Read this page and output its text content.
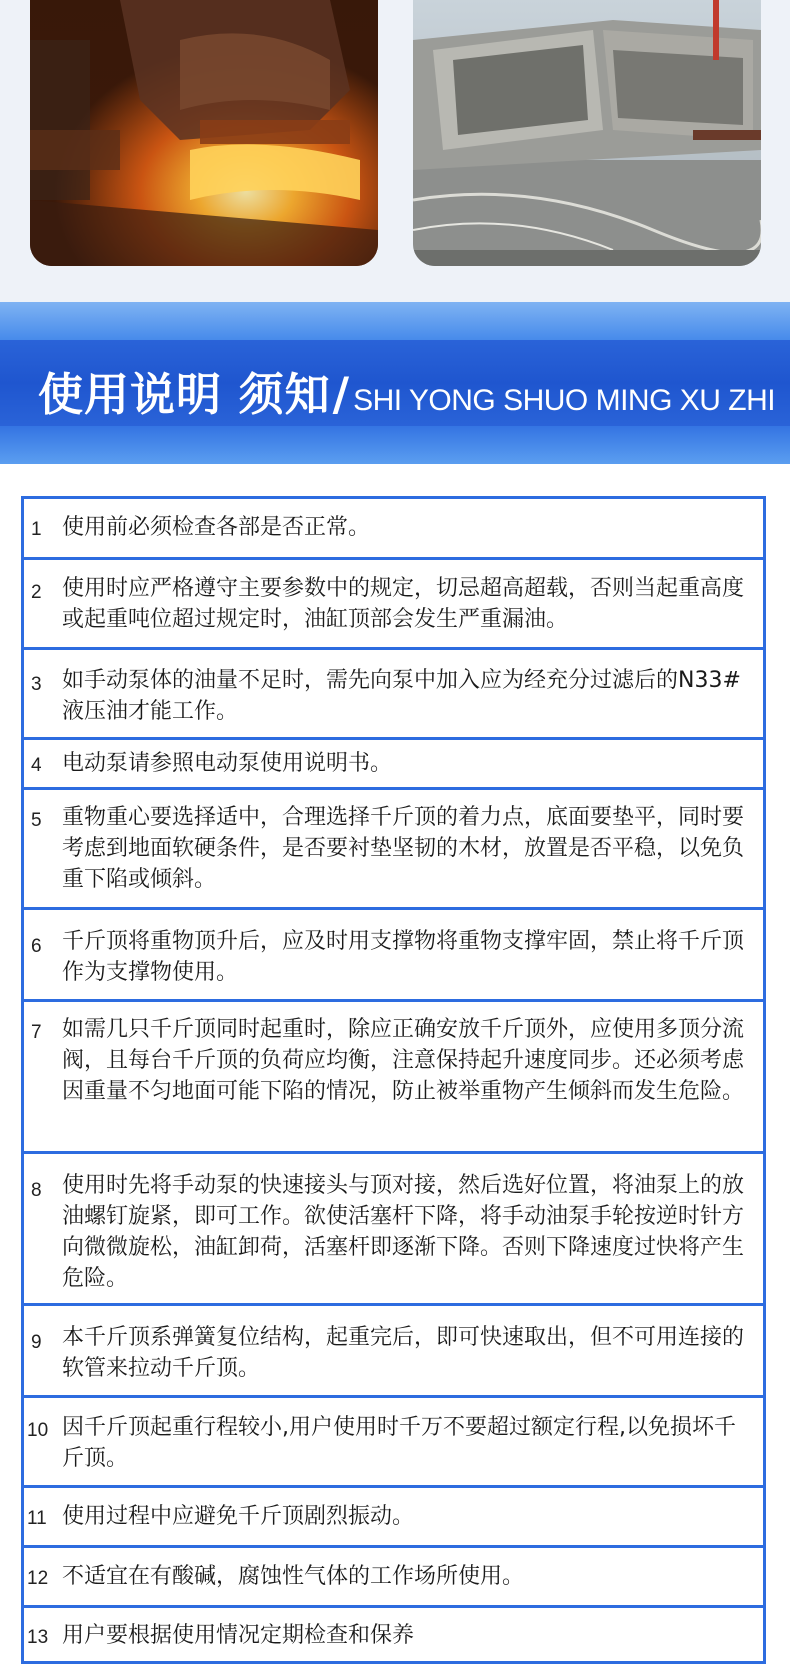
使用说明 须知 / SHI YONG SHUO MING XU ZHI
1 使用前必须检查各部是否正常。
2 使用时应严格遵守主要参数中的规定，切忌超高超载，否则当起重高度或起重吨位超过规定时，油缸顶部会发生严重漏油。
3 如手动泵体的油量不足时，需先向泵中加入应为经充分过滤后的N33#液压油才能工作。
4 电动泵请参照电动泵使用说明书。
5 重物重心要选择适中，合理选择千斤顶的着力点，底面要垫平，同时要考虑到地面软硬条件，是否要衬垫坚韧的木材，放置是否平稳，以免负重下陷或倾斜。
6 千斤顶将重物顶升后，应及时用支撑物将重物支撑牢固，禁止将千斤顶作为支撑物使用。
7 如需几只千斤顶同时起重时，除应正确安放千斤顶外，应使用多顶分流阀，且每台千斤顶的负荷应均衡，注意保持起升速度同步。还必须考虑因重量不匀地面可能下陷的情况，防止被举重物产生倾斜而发生危险。
8 使用时先将手动泵的快速接头与顶对接，然后选好位置，将油泵上的放油螺钉旋紧，即可工作。欲使活塞杆下降，将手动油泵手轮按逆时针方向微微旋松，油缸卸荷，活塞杆即逐渐下降。否则下降速度过快将产生危险。
9 本千斤顶系弹簧复位结构，起重完后，即可快速取出，但不可用连接的软管来拉动千斤顶。
10 因千斤顶起重行程较小,用户使用时千万不要超过额定行程,以免损坏千斤顶。
11 使用过程中应避免千斤顶剧烈振动。
12 不适宜在有酸碱，腐蚀性气体的工作场所使用。
13 用户要根据使用情况定期检查和保养
